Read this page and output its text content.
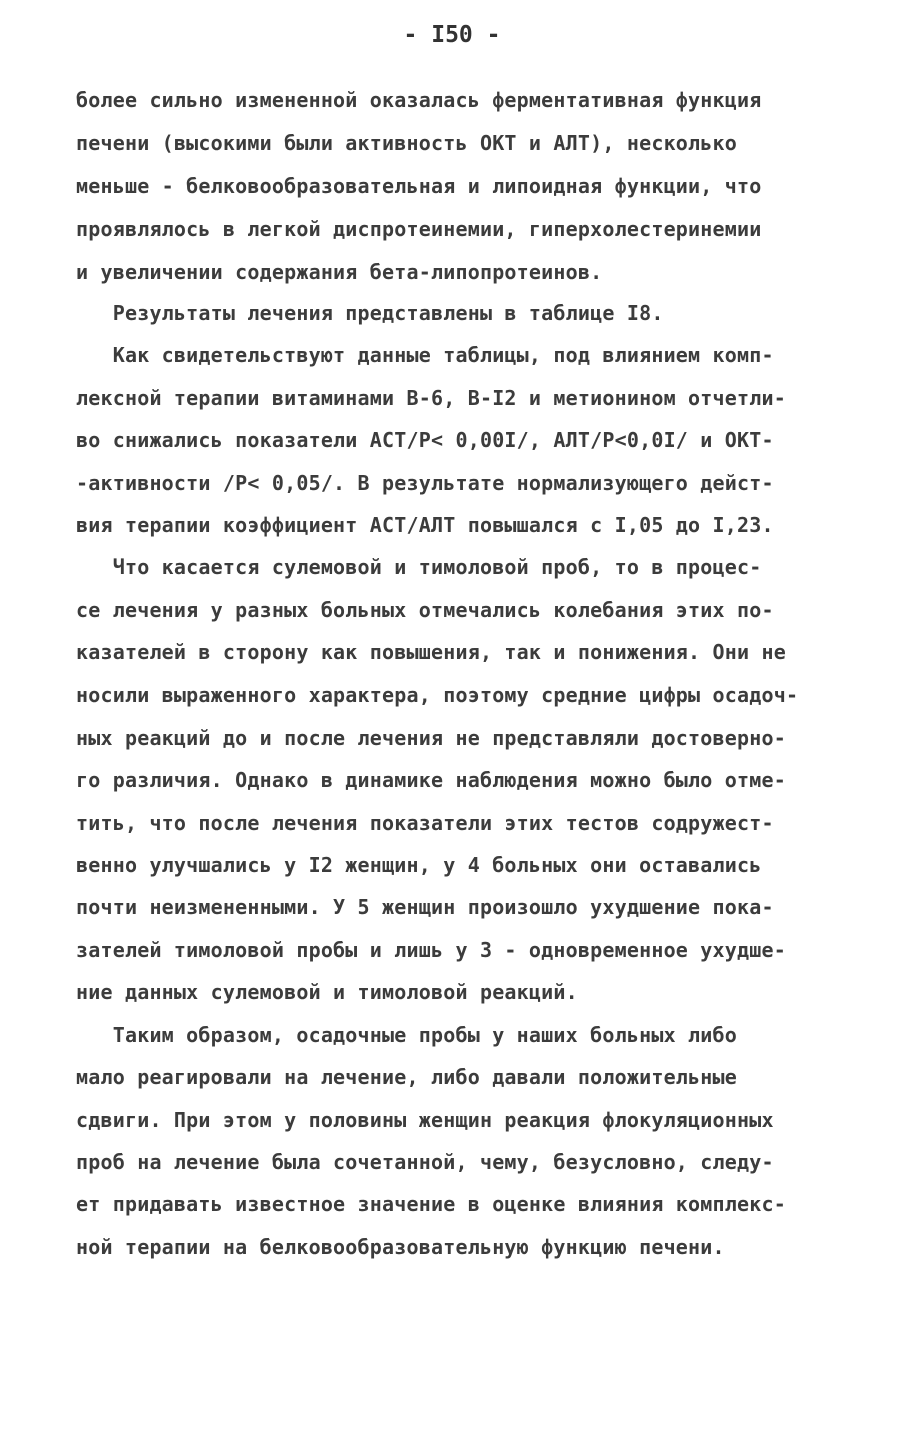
- I50 -
более сильно измененной оказалась ферментативная функция
печени (высокими были активность ОКТ и АЛТ), несколько
меньше - белковообразовательная и липоидная функции, что
проявлялось в легкой диспротеинемии, гиперхолестеринемии
и увеличении содержания бета-липопротеинов.
Результаты лечения представлены в таблице I8.
Как свидетельствуют данные таблицы, под влиянием комп-
лексной терапии витаминами В-6, В-I2 и метионином отчетли-
во снижались показатели АСТ/Р< 0,00I/, АЛТ/Р<0,0I/ и ОКТ-
-активности /Р< 0,05/. В результате нормализующего дейст-
вия терапии коэффициент АСТ/АЛТ повышался с I,05 до I,23.
Что касается сулемовой и тимоловой проб, то в процес-
се лечения у разных больных отмечались колебания этих по-
казателей в сторону как повышения, так и понижения. Они не
носили выраженного характера, поэтому средние цифры осадоч-
ных реакций до и после лечения не представляли достоверно-
го различия. Однако в динамике наблюдения можно было отме-
тить, что после лечения показатели этих тестов содружест-
венно улучшались у I2 женщин, у 4 больных они оставались
почти неизмененными. У 5 женщин произошло ухудшение пока-
зателей тимоловой пробы и лишь у 3 - одновременное ухудше-
ние данных сулемовой и тимоловой реакций.
Таким образом, осадочные пробы у наших больных либо
мало реагировали на лечение, либо давали положительные
сдвиги. При этом у половины женщин реакция флокуляционных
проб на лечение была сочетанной, чему, безусловно, следу-
ет придавать известное значение в оценке влияния комплекс-
ной терапии на белковообразовательную функцию печени.
